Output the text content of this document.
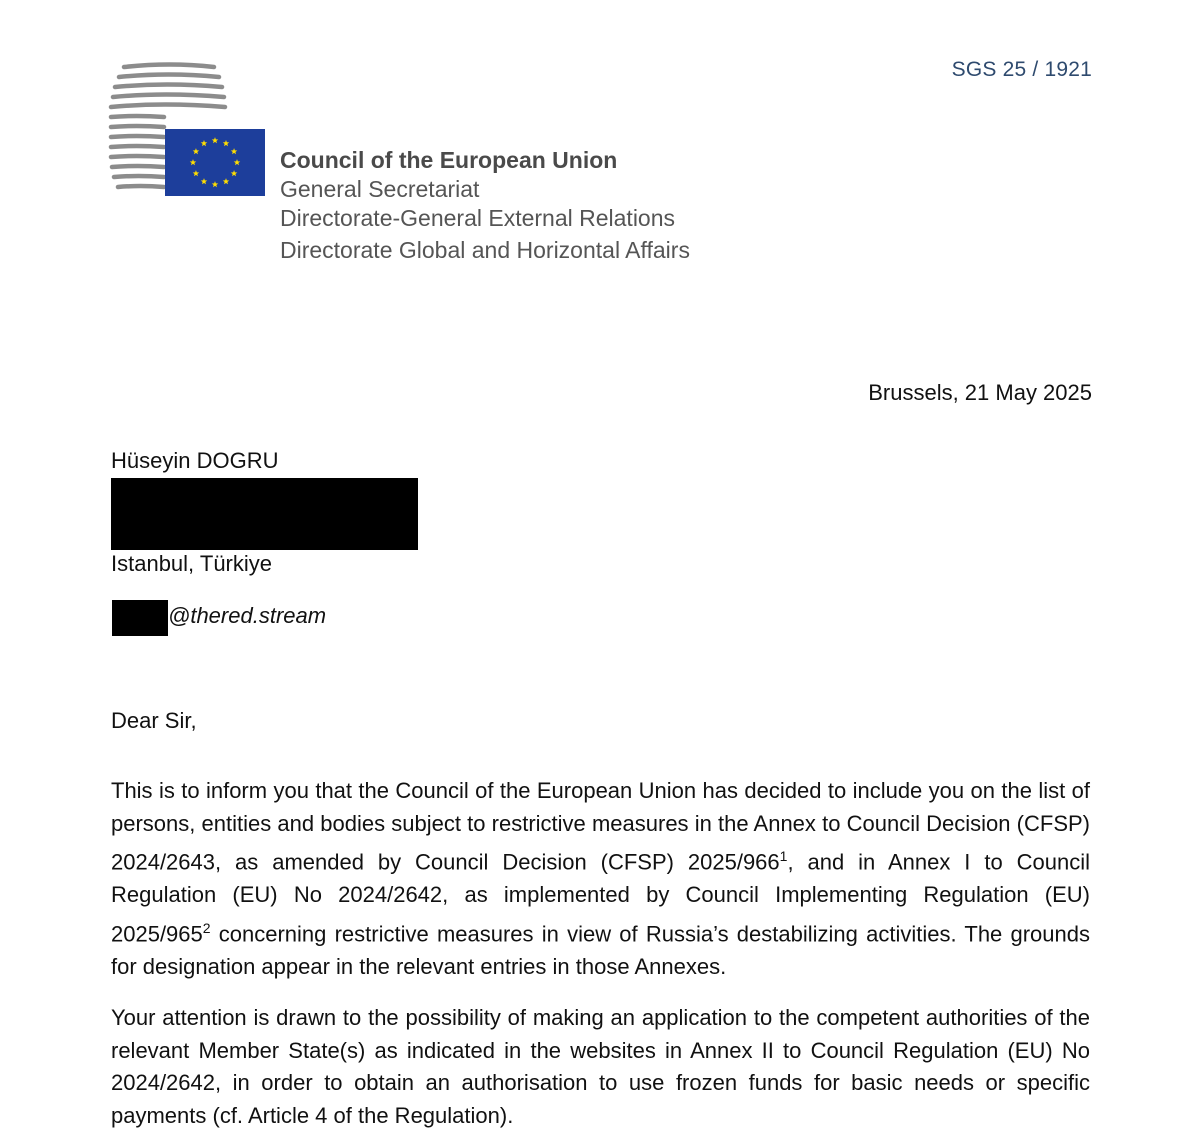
SGS 25 / 1921
Council of the European Union
General Secretariat
Directorate-General External Relations
Directorate Global and Horizontal Affairs
Brussels, 21 May 2025
Hüseyin DOGRU
Istanbul, Türkiye
@thered.stream
Dear Sir,

This is to inform you that the Council of the European Union has decided to include you on the list of persons, entities and bodies subject to restrictive measures in the Annex to Council Decision (CFSP) 2024/2643, as amended by Council Decision (CFSP) $2025/966^1$, and in Annex I to Council Regulation (EU) No 2024/2642, as implemented by Council Implementing Regulation (EU) $2025/965^2$ concerning restrictive measures in view of Russia’s destabilizing activities. The grounds for designation appear in the relevant entries in those Annexes.

Your attention is drawn to the possibility of making an application to the competent authorities of the relevant Member State(s) as indicated in the websites in Annex II to Council Regulation (EU) No 2024/2642, in order to obtain an authorisation to use frozen funds for basic needs or specific payments (cf. Article 4 of the Regulation).
